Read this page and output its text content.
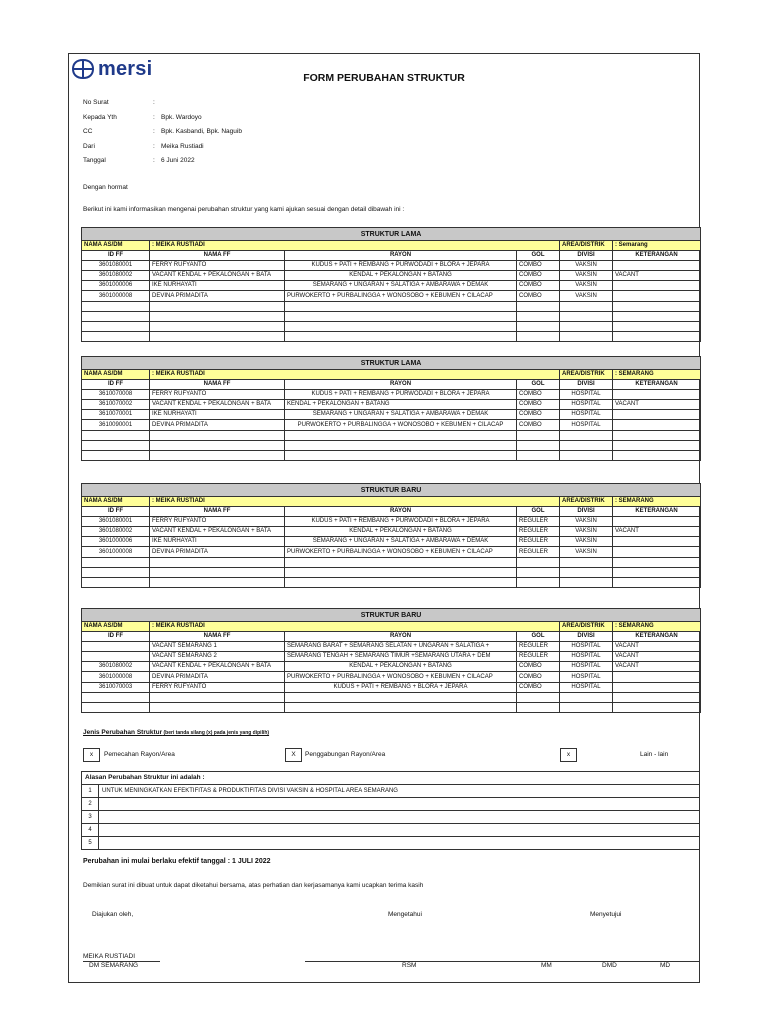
mersi	FORM PERUBAHAN STRUKTUR
No Surat	:
Kepada Yth	: Bpk. Wardoyo
CC	: Bpk. Kasbandi, Bpk. Naguib
Dari	: Meika Rustiadi
Tanggal	: 6 Juni 2022
Dengan hormat
Berikut ini kami informasikan mengenai perubahan struktur yang kami ajukan sesuai dengan detail dibawah ini :
STRUKTUR LAMA					
NAMA AS/DM	: MEIKA RUSTIADI			AREA/DISTRIK	: Semarang
ID FF	NAMA FF	RAYON	GOL	DIVISI	KETERANGAN
3601080001	FERRY RUFYANTO	KUDUS + PATI + REMBANG + PURWODADI + BLORA + JEPARA	COMBO	VAKSIN	
3601080002	VACANT KENDAL + PEKALONGAN + BATA	KENDAL + PEKALONGAN + BATANG	COMBO	VAKSIN	VACANT
3601000006	IKE NURHAYATI	SEMARANG + UNGARAN + SALATIGA + AMBARAWA + DEMAK	COMBO	VAKSIN	
3601000008	DEVINA PRIMADITA	PURWOKERTO + PURBALINGGA + WONOSOBO + KEBUMEN + CILACAP	COMBO	VAKSIN	

STRUKTUR LAMA					
NAMA AS/DM	: MEIKA RUSTIADI			AREA/DISTRIK	: SEMARANG
ID FF	NAMA FF	RAYON	GOL	DIVISI	KETERANGAN
3610070008	FERRY RUFYANTO	KUDUS + PATI + REMBANG + PURWODADI + BLORA + JEPARA	COMBO	HOSPITAL	
3610070002	VACANT KENDAL + PEKALONGAN + BATA	KENDAL + PEKALONGAN + BATANG	COMBO	HOSPITAL	VACANT
3610070001	IKE NURHAYATI	SEMARANG + UNGARAN + SALATIGA + AMBARAWA + DEMAK	COMBO	HOSPITAL	
3610090001	DEVINA PRIMADITA	PURWOKERTO + PURBALINGGA + WONOSOBO + KEBUMEN + CILACAP	COMBO	HOSPITAL	

STRUKTUR BARU					
NAMA AS/DM	: MEIKA RUSTIADI			AREA/DISTRIK	: SEMARANG
ID FF	NAMA FF	RAYON	GOL	DIVISI	KETERANGAN
3601080001	FERRY RUFYANTO	KUDUS + PATI + REMBANG + PURWODADI + BLORA + JEPARA	REGULER	VAKSIN	
3601080002	VACANT KENDAL + PEKALONGAN + BATA	KENDAL + PEKALONGAN + BATANG	REGULER	VAKSIN	VACANT
3601000006	IKE NURHAYATI	SEMARANG + UNGARAN + SALATIGA + AMBARAWA + DEMAK	REGULER	VAKSIN	
3601000008	DEVINA PRIMADITA	PURWOKERTO + PURBALINGGA + WONOSOBO + KEBUMEN + CILACAP	REGULER	VAKSIN	

STRUKTUR BARU					
NAMA AS/DM	: MEIKA RUSTIADI			AREA/DISTRIK	: SEMARANG
ID FF	NAMA FF	RAYON	GOL	DIVISI	KETERANGAN
	VACANT SEMARANG 1	SEMARANG BARAT + SEMARANG SELATAN + UNGARAN + SALATIGA +	REGULER	HOSPITAL	VACANT
	VACANT SEMARANG 2	SEMARANG TENGAH + SEMARANG TIMUR +SEMARANG UTARA + DEM	REGULER	HOSPITAL	VACANT
3601080002	VACANT KENDAL + PEKALONGAN + BATA	KENDAL + PEKALONGAN + BATANG	COMBO	HOSPITAL	VACANT
3601000008	DEVINA PRIMADITA	PURWOKERTO + PURBALINGGA + WONOSOBO + KEBUMEN + CILACAP	COMBO	HOSPITAL	
3610070003	FERRY RUFYANTO	KUDUS + PATI + REMBANG + BLORA + JEPARA	COMBO	HOSPITAL	

Jenis Perubahan Struktur (beri tanda silang (x) pada jenis yang dipilih)
x	Pemecahan Rayon/Area	X	Penggabungan Rayon/Area	x	Lain - lain
Alasan Perubahan Struktur ini adalah :	
1	UNTUK MENINGKATKAN EFEKTIFITAS & PRODUKTIFITAS DIVISI VAKSIN & HOSPITAL AREA SEMARANG
2	
3	
4	
5	
Perubahan ini mulai berlaku efektif tanggal : 1 JULI 2022
Demikian surat ini dibuat untuk dapat diketahui bersama, atas perhatian dan kerjasamanya kami ucapkan terima kasih
Diajukan oleh,	Mengetahui	Menyetujui
MEIKA RUSTIADI
DM SEMARANG	RSM	MM	DMD	MD
